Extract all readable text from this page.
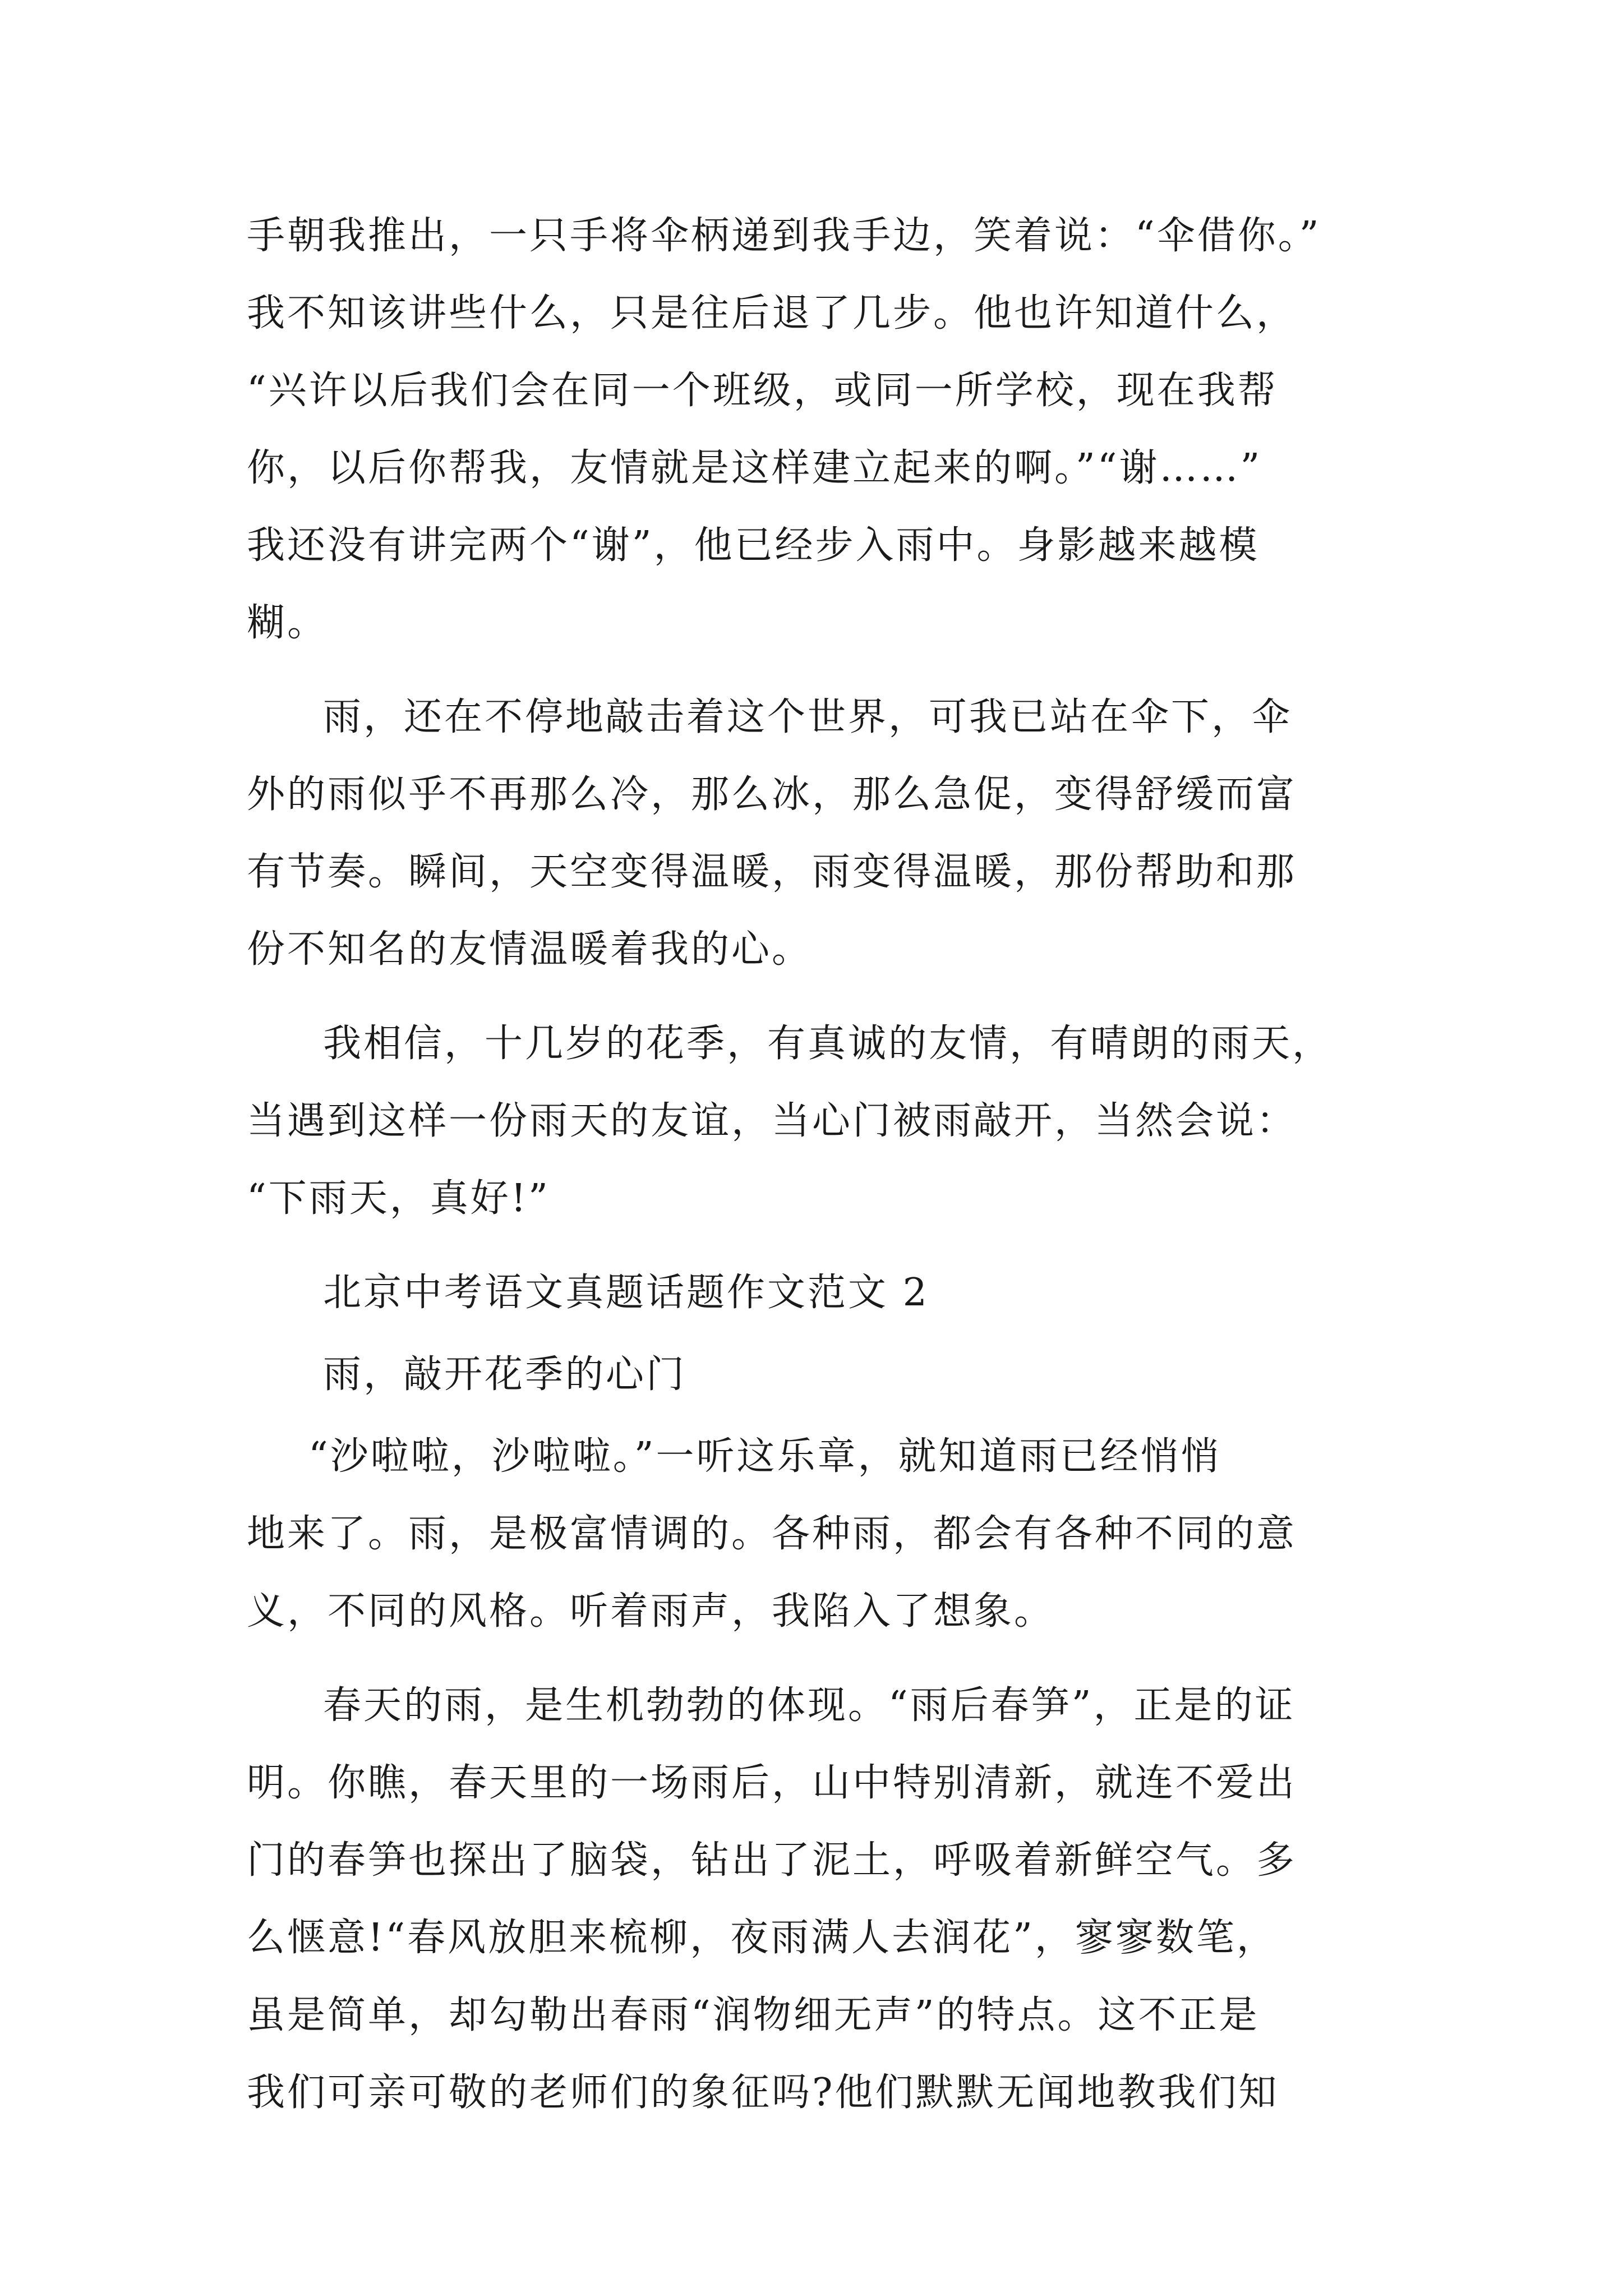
手朝我推出，一只手将伞柄递到我手边，笑着说：“伞借你。”
我不知该讲些什么，只是往后退了几步。他也许知道什么，
“兴许以后我们会在同一个班级，或同一所学校，现在我帮
你，以后你帮我，友情就是这样建立起来的啊。”“谢……”
我还没有讲完两个“谢”，他已经步入雨中。身影越来越模
糊。
雨，还在不停地敲击着这个世界，可我已站在伞下，伞
外的雨似乎不再那么冷，那么冰，那么急促，变得舒缓而富
有节奏。瞬间，天空变得温暖，雨变得温暖，那份帮助和那
份不知名的友情温暖着我的心。
我相信，十几岁的花季，有真诚的友情，有晴朗的雨天，
当遇到这样一份雨天的友谊，当心门被雨敲开，当然会说：
“下雨天，真好!”
北京中考语文真题话题作文范文 2
雨，敲开花季的心门
“沙啦啦，沙啦啦。”一听这乐章，就知道雨已经悄悄
地来了。雨，是极富情调的。各种雨，都会有各种不同的意
义，不同的风格。听着雨声，我陷入了想象。
春天的雨，是生机勃勃的体现。“雨后春笋”，正是的证
明。你瞧，春天里的一场雨后，山中特别清新，就连不爱出
门的春笋也探出了脑袋，钻出了泥土，呼吸着新鲜空气。多
么惬意!“春风放胆来梳柳，夜雨满人去润花”，寥寥数笔，
虽是简单，却勾勒出春雨“润物细无声”的特点。这不正是
我们可亲可敬的老师们的象征吗?他们默默无闻地教我们知
